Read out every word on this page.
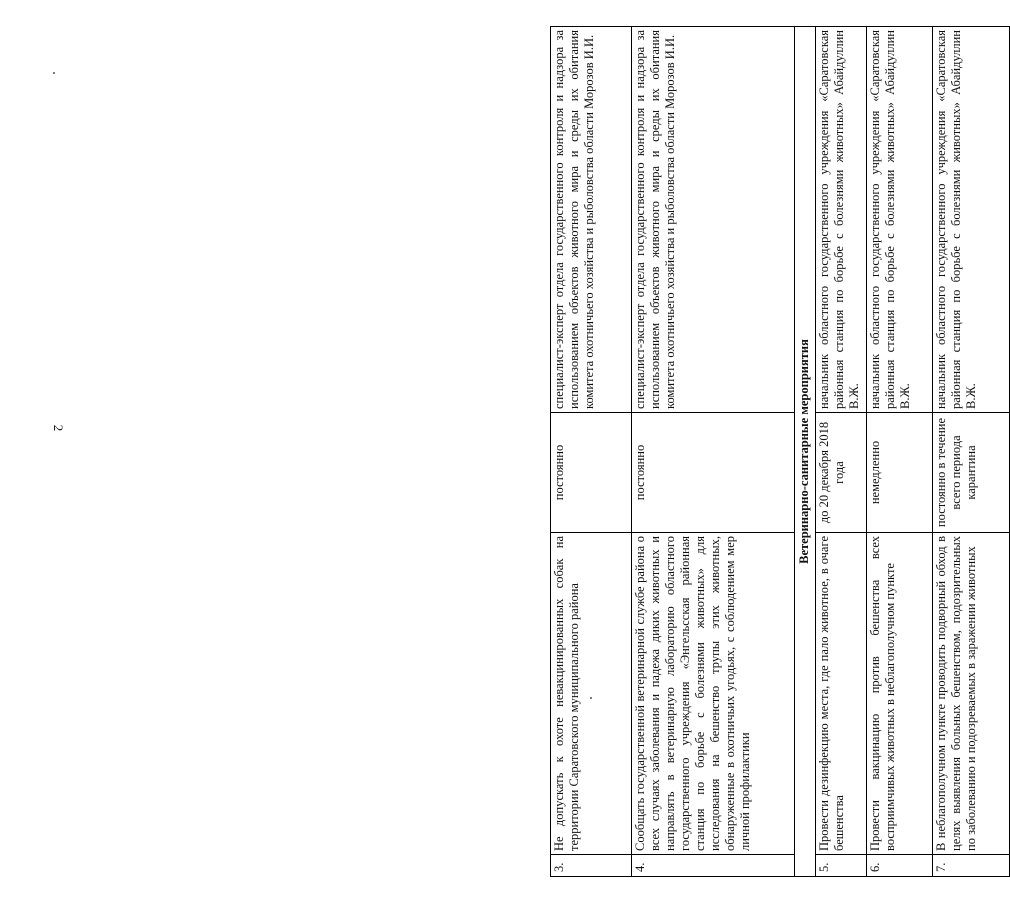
2
3.	Не допускать к охоте невакцинированных собак на территории Саратовского муниципального района	постоянно	специалист-эксперт отдела государственного контроля и надзора за использованием объектов животного мира и среды их обитания комитета охотничьего хозяйства и рыболовства области Морозов И.И.
4.	Сообщать государственной ветеринарной службе района о всех случаях заболевания и падежа диких животных и направлять в ветеринарную лабораторию областного государственного учреждения «Энгельсская районная станция по борьбе с болезнями животных» для исследования на бешенство трупы этих животных, обнаруженные в охотничьих угодьях, с соблюдением мер личной профилактики	постоянно	специалист-эксперт отдела государственного контроля и надзора за использованием объектов животного мира и среды их обитания комитета охотничьего хозяйства и рыболовства области Морозов И.И.
Ветеринарно-санитарные мероприятия			
5.	Провести дезинфекцию места, где пало животное, в очаге бешенства	до 20 декабря 2018 года	начальник областного государственного учреждения «Саратовская районная станция по борьбе с болезнями животных» Абайдуллин В.Ж.
6.	Провести вакцинацию против бешенства всех восприимчивых животных в неблагополучном пункте	немедленно	начальник областного государственного учреждения «Саратовская районная станция по борьбе с болезнями животных» Абайдуллин В.Ж.
7.	В неблагополучном пункте проводить подворный обход в целях выявления больных бешенством, подозрительных по заболеванию и подозреваемых в заражении животных	постоянно в течение всего периода карантина	начальник областного государственного учреждения «Саратовская районная станция по борьбе с болезнями животных» Абайдуллин В.Ж.
